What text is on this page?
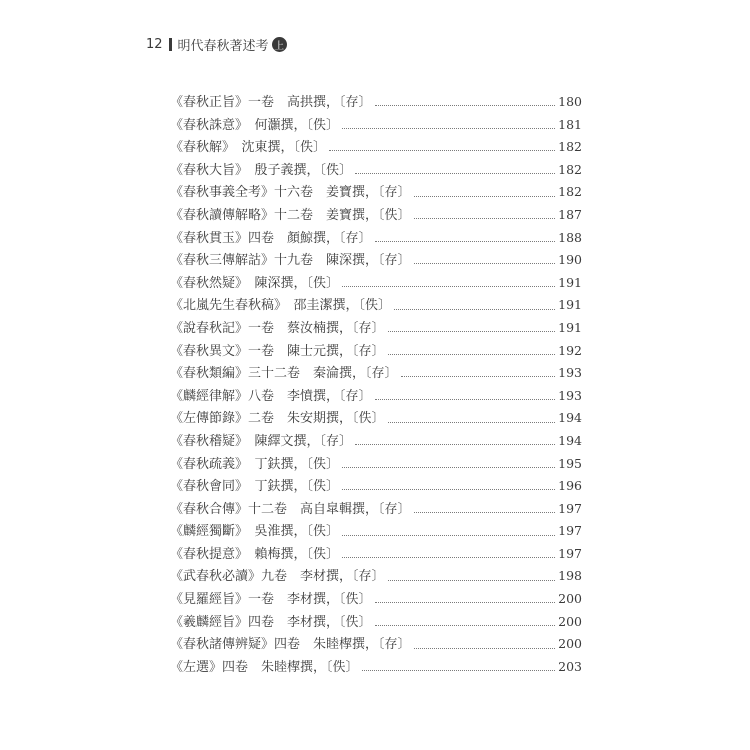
12 明代春秋著述考 上
《春秋正旨》一卷　高拱撰，〔存〕	180
《春秋誅意》　何灝撰，〔佚〕	181
《春秋解》　沈東撰，〔佚〕	182
《春秋大旨》　殷子義撰，〔佚〕	182
《春秋事義全考》十六卷　姜寶撰，〔存〕	182
《春秋讀傳解略》十二卷　姜寶撰，〔佚〕	187
《春秋貫玉》四卷　顏鯨撰，〔存〕	188
《春秋三傳解詁》十九卷　陳深撰，〔存〕	190
《春秋然疑》　陳深撰，〔佚〕	191
《北嵐先生春秋稿》　邵圭潔撰，〔佚〕	191
《說春秋記》一卷　蔡汝楠撰，〔存〕	191
《春秋異文》一卷　陳士元撰，〔存〕	192
《春秋類編》三十二卷　秦淪撰，〔存〕	193
《麟經律解》八卷　李憤撰，〔存〕	193
《左傳節錄》二卷　朱安期撰，〔佚〕	194
《春秋稽疑》　陳繹文撰，〔存〕	194
《春秋疏義》　丁鈇撰，〔佚〕	195
《春秋會同》　丁鈇撰，〔佚〕	196
《春秋合傳》十二卷　高自皐輯撰，〔存〕	197
《麟經獨斷》　吳淮撰，〔佚〕	197
《春秋提意》　賴梅撰，〔佚〕	197
《武春秋必讀》九卷　李材撰，〔存〕	198
《見羅經旨》一卷　李材撰，〔佚〕	200
《羲麟經旨》四卷　李材撰，〔佚〕	200
《春秋諸傳辨疑》四卷　朱睦㮮撰，〔存〕	200
《左選》四卷　朱睦㮮撰，〔佚〕	203
